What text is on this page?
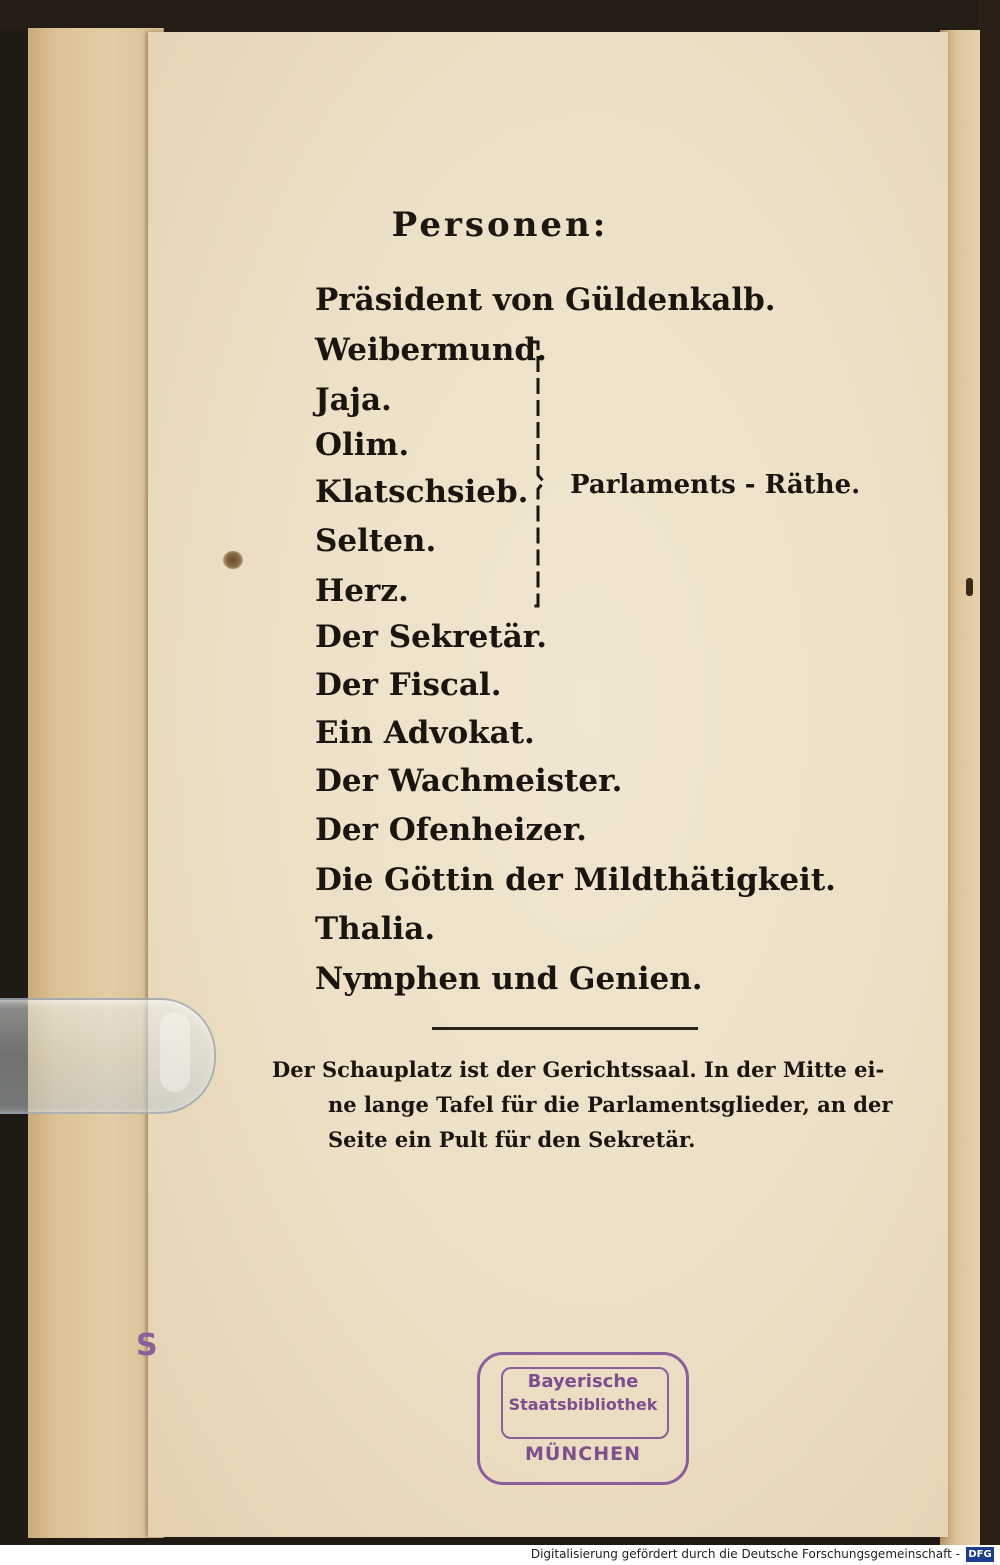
S
Personen:
Präsident von Güldenkalb.
Weibermund.
Jaja.
Olim.
Klatschsieb.
Selten.
Herz.
Der Sekretär.
Der Fiscal.
Ein Advokat.
Der Wachmeister.
Der Ofenheizer.
Die Göttin der Mildthätigkeit.
Thalia.
Nymphen und Genien.
Parlaments - Räthe.
Der Schauplatz ist der Gerichtssaal. In der Mitte ei-
ne lange Tafel für die Parlamentsglieder, an der
Seite ein Pult für den Sekretär.
Bayerische
Staatsbibliothek
MÜNCHEN
Digitalisierung gefördert durch die Deutsche Forschungsgemeinschaft - DFG
